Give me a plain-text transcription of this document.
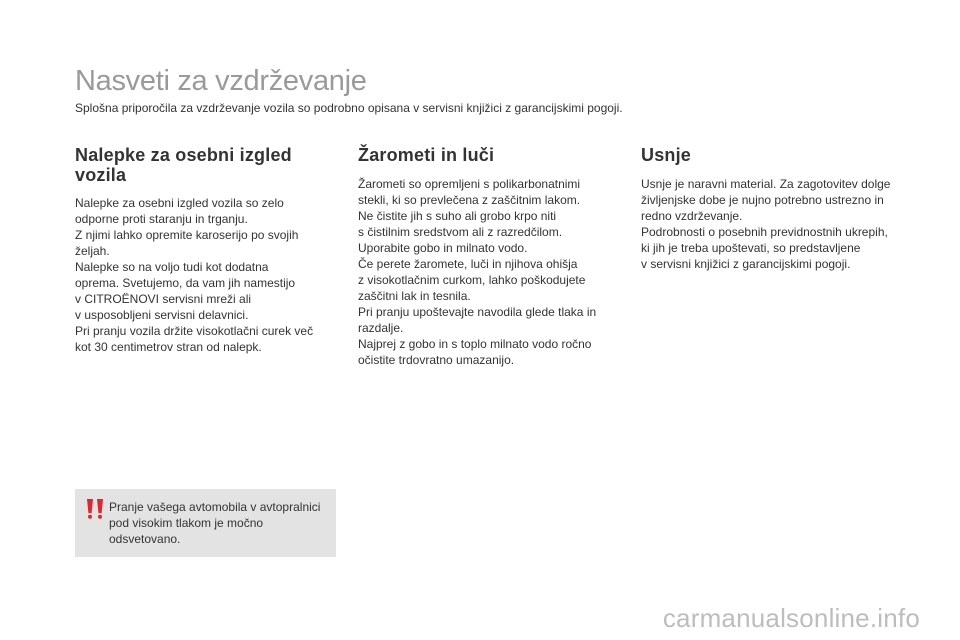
Nasveti za vzdrževanje

Splošna priporočila za vzdrževanje vozila so podrobno opisana v servisni knjižici z garancijskimi pogoji.

Nalepke za osebni izgled vozila

Nalepke za osebni izgled vozila so zelo
odporne proti staranju in trganju.
Z njimi lahko opremite karoserijo po svojih
željah.
Nalepke so na voljo tudi kot dodatna
oprema. Svetujemo, da vam jih namestijo
v CITROËNOVI servisni mreži ali
v usposobljeni servisni delavnici.
Pri pranju vozila držite visokotlačni curek več
kot 30 centimetrov stran od nalepk.

Žarometi in luči

Žarometi so opremljeni s polikarbonatnimi
stekli, ki so prevlečena z zaščitnim lakom.
Ne čistite jih s suho ali grobo krpo niti
s čistilnim sredstvom ali z razredčilom.
Uporabite gobo in milnato vodo.
Če perete žaromete, luči in njihova ohišja
z visokotlačnim curkom, lahko poškodujete
zaščitni lak in tesnila.
Pri pranju upoštevajte navodila glede tlaka in
razdalje.
Najprej z gobo in s toplo milnato vodo ročno
očistite trdovratno umazanijo.

Usnje

Usnje je naravni material. Za zagotovitev dolge
življenjske dobe je nujno potrebno ustrezno in
redno vzdrževanje.
Podrobnosti o posebnih previdnostnih ukrepih,
ki jih je treba upoštevati, so predstavljene
v servisni knjižici z garancijskimi pogoji.

Pranje vašega avtomobila v avtopralnici pod visokim tlakom je močno odsvetovano.

carmanualsonline.info
